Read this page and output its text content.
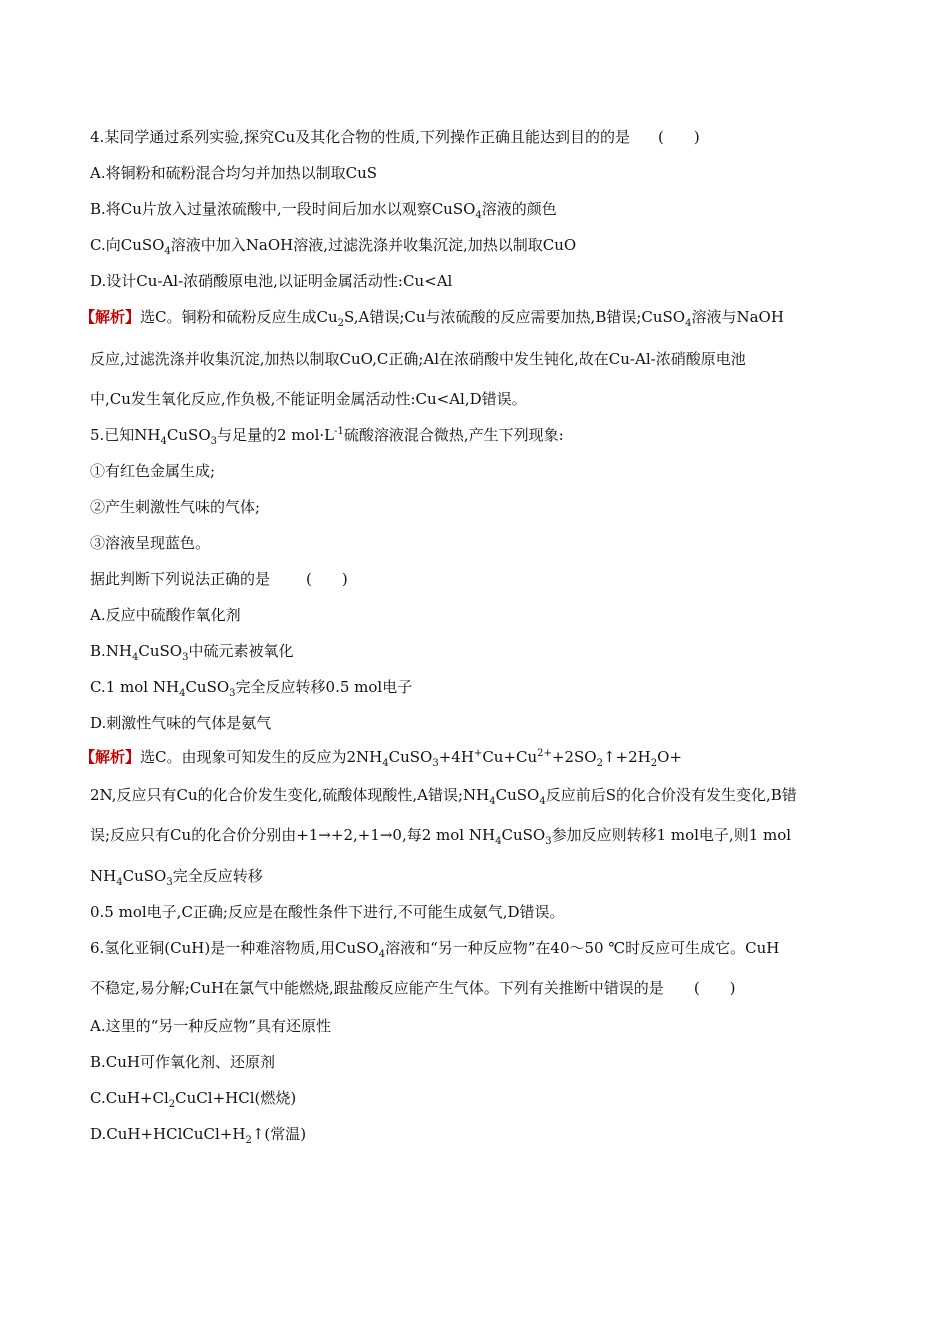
4.某同学通过系列实验,探究Cu及其化合物的性质,下列操作正确且能达到目的的是 (　　)
A.将铜粉和硫粉混合均匀并加热以制取CuS
B.将Cu片放入过量浓硫酸中,一段时间后加水以观察CuSO$_4$溶液的颜色
C.向CuSO$_4$溶液中加入NaOH溶液,过滤洗涤并收集沉淀,加热以制取CuO
D.设计Cu-Al-浓硝酸原电池,以证明金属活动性:Cu<Al
【解析】选C。铜粉和硫粉反应生成$Cu_2S,A$错误;Cu与浓硫酸的反应需要加热,B错误;CuSO$_4$溶液与NaOH
反应,过滤洗涤并收集沉淀,加热以制取CuO,C正确;Al在浓硝酸中发生钝化,故在Cu-Al-浓硝酸原电池
中,Cu发生氧化反应,作负极,不能证明金属活动性:Cu<Al,D错误。
5.已知$NH_4CuSO_3$与足量的2 $mol\cdot L^{-1}$硫酸溶液混合微热,产生下列现象:
①有红色金属生成;
②产生刺激性气味的气体;
③溶液呈现蓝色。
据此判断下列说法正确的是 (　　)
A.反应中硫酸作氧化剂
$B.NH_4CuSO_3$中硫元素被氧化
C.1 mol $NH_4CuSO_3$完全反应转移0.5 mol电子
D.刺激性气味的气体是氨气
【解析】选C。由现象可知发生的反应为$2NH_4CuSO_3+4H^+Cu+Cu^{2+}+2SO_2↑+2H_2O+$
2N,反应只有Cu的化合价发生变化,硫酸体现酸性,A错误$;NH_4CuSO_4$反应前后S的化合价没有发生变化,B错
误;反应只有Cu的化合价分别由+1→+2,+1→0,每2 mol $NH_4CuSO_3$参加反应则转移1 mol电子,则1 mol
$NH_4CuSO_3$完全反应转移
0.5 mol电子,C正确;反应是在酸性条件下进行,不可能生成氨气,D错误。
6.氢化亚铜(CuH)是一种难溶物质,用CuSO$_4$溶液和“另一种反应物”在40～50 ℃时反应可生成它。CuH
不稳定,易分解;CuH在氯气中能燃烧,跟盐酸反应能产生气体。下列有关推断中错误的是 (　　)
A.这里的“另一种反应物”具有还原性
B.CuH可作氧化剂、还原剂
$C.CuH+Cl_2CuCl+HCl$(燃烧)
$D.CuH+HClCuCl+H_2↑$(常温)
